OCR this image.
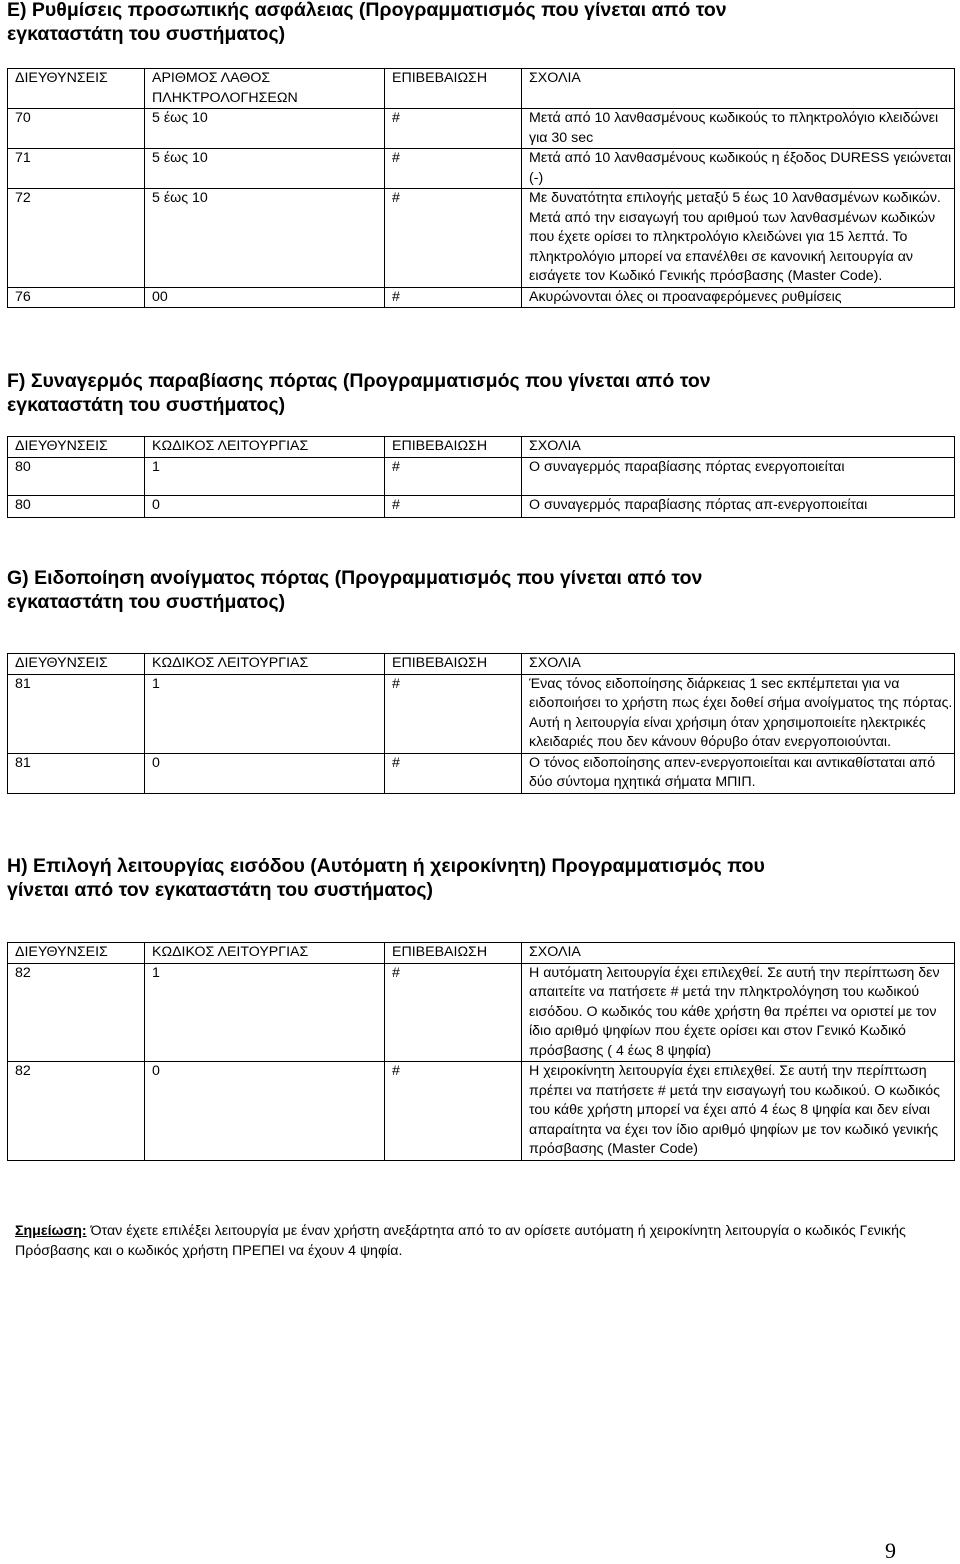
E) Ρυθμίσεις προσωπικής ασφάλειας (Προγραμματισμός που γίνεται από τον
εγκαταστάτη του συστήματος)
ΔΙΕΥΘΥΝΣΕΙΣ	ΑΡΙΘΜΟΣ ΛΑΘΟΣ ΠΛΗΚΤΡΟΛΟΓΗΣΕΩΝ	ΕΠΙΒΕΒΑΙΩΣΗ	ΣΧΟΛΙΑ
70	5 έως 10	#	Μετά από 10 λανθασμένους κωδικούς το πληκτρολόγιο κλειδώνει για 30 sec
71	5 έως 10	#	Μετά από 10 λανθασμένους κωδικούς η έξοδος DURESS γειώνεται (-)
72	5 έως 10	#	Με δυνατότητα επιλογής μεταξύ 5 έως 10 λανθασμένων κωδικών. Μετά από την εισαγωγή του αριθμού των λανθασμένων κωδικών που έχετε ορίσει το πληκτρολόγιο κλειδώνει για 15 λεπτά. Το πληκτρολόγιο μπορεί να επανέλθει σε κανονική λειτουργία αν εισάγετε τον Κωδικό Γενικής πρόσβασης (Master Code).
76	00	#	Ακυρώνονται όλες οι προαναφερόμενες ρυθμίσεις
F) Συναγερμός παραβίασης πόρτας (Προγραμματισμός που γίνεται από τον
εγκαταστάτη του συστήματος)
ΔΙΕΥΘΥΝΣΕΙΣ	ΚΩΔΙΚΟΣ ΛΕΙΤΟΥΡΓΙΑΣ	ΕΠΙΒΕΒΑΙΩΣΗ	ΣΧΟΛΙΑ
80	1	#	Ο συναγερμός παραβίασης πόρτας ενεργοποιείται
80	0	#	Ο συναγερμός παραβίασης πόρτας απ-ενεργοποιείται
G) Ειδοποίηση ανοίγματος πόρτας (Προγραμματισμός που γίνεται από τον
εγκαταστάτη του συστήματος)
ΔΙΕΥΘΥΝΣΕΙΣ	ΚΩΔΙΚΟΣ ΛΕΙΤΟΥΡΓΙΑΣ	ΕΠΙΒΕΒΑΙΩΣΗ	ΣΧΟΛΙΑ
81	1	#	Ένας τόνος ειδοποίησης διάρκειας 1 sec εκπέμπεται για να ειδοποιήσει το χρήστη πως έχει δοθεί σήμα ανοίγματος της πόρτας. Αυτή η λειτουργία είναι χρήσιμη όταν χρησιμοποιείτε ηλεκτρικές κλειδαριές που δεν κάνουν θόρυβο όταν ενεργοποιούνται.
81	0	#	Ο τόνος ειδοποίησης απεν-ενεργοποιείται και αντικαθίσταται από δύο σύντομα ηχητικά σήματα ΜΠΙΠ.
H) Επιλογή λειτουργίας εισόδου (Αυτόματη ή χειροκίνητη) Προγραμματισμός που
γίνεται από τον εγκαταστάτη του συστήματος)
ΔΙΕΥΘΥΝΣΕΙΣ	ΚΩΔΙΚΟΣ ΛΕΙΤΟΥΡΓΙΑΣ	ΕΠΙΒΕΒΑΙΩΣΗ	ΣΧΟΛΙΑ
82	1	#	Η αυτόματη λειτουργία έχει επιλεχθεί. Σε αυτή την περίπτωση δεν απαιτείτε να πατήσετε # μετά την πληκτρολόγηση του κωδικού εισόδου. Ο κωδικός του κάθε χρήστη θα πρέπει να οριστεί με τον ίδιο αριθμό ψηφίων που έχετε ορίσει και στον Γενικό Κωδικό πρόσβασης ( 4 έως 8 ψηφία)
82	0	#	Η χειροκίνητη λειτουργία έχει επιλεχθεί. Σε αυτή την περίπτωση πρέπει να πατήσετε # μετά την εισαγωγή του κωδικού. Ο κωδικός του κάθε χρήστη μπορεί να έχει από 4 έως 8 ψηφία και δεν είναι απαραίτητα να έχει τον ίδιο αριθμό ψηφίων με τον κωδικό γενικής πρόσβασης (Master Code)
Σημείωση: Όταν έχετε επιλέξει λειτουργία με έναν χρήστη ανεξάρτητα από το αν ορίσετε αυτόματη ή χειροκίνητη λειτουργία ο κωδικός Γενικής Πρόσβασης και ο κωδικός χρήστη ΠΡΕΠΕΙ να έχουν 4 ψηφία.
9
